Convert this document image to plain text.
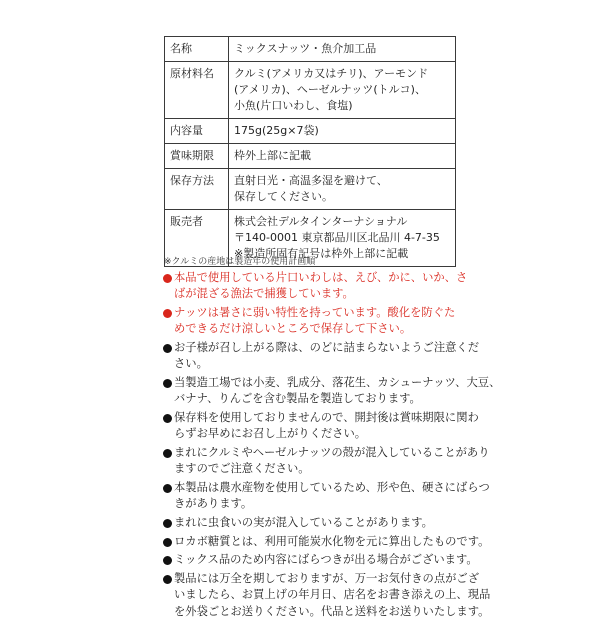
名称	ミックスナッツ・魚介加工品

原材料名	クルミ(アメリカ又はチリ)、アーモンド
(アメリカ)、ヘーゼルナッツ(トルコ)、
小魚(片口いわし、食塩)

内容量	175g(25g×7袋)

賞味期限	枠外上部に記載

保存方法	直射日光・高温多湿を避けて、
保存してください。

販売者	株式会社デルタインターナショナル
〒140-0001 東京都品川区北品川 4-7-35
※製造所固有記号は枠外上部に記載
※クルミの産地は製造年の使用計画順
本品で使用している片口いわしは、えび、かに、いか、さ
ばが混ざる漁法で捕獲しています。
ナッツは暑さに弱い特性を持っています。酸化を防ぐた
めできるだけ涼しいところで保存して下さい。
お子様が召し上がる際は、のどに詰まらないようご注意くだ
さい。
当製造工場では小麦、乳成分、落花生、カシューナッツ、大豆、
バナナ、りんごを含む製品を製造しております。
保存料を使用しておりませんので、開封後は賞味期限に関わ
らずお早めにお召し上がりください。
まれにクルミやヘーゼルナッツの殻が混入していることがあり
ますのでご注意ください。
本製品は農水産物を使用しているため、形や色、硬さにばらつ
きがあります。
まれに虫食いの実が混入していることがあります。
ロカボ糖質とは、利用可能炭水化物を元に算出したものです。
ミックス品のため内容にばらつきが出る場合がございます。
製品には万全を期しておりますが、万一お気付きの点がござ
いましたら、お買上げの年月日、店名をお書き添えの上、現品
を外袋ごとお送りください。代品と送料をお送りいたします。
